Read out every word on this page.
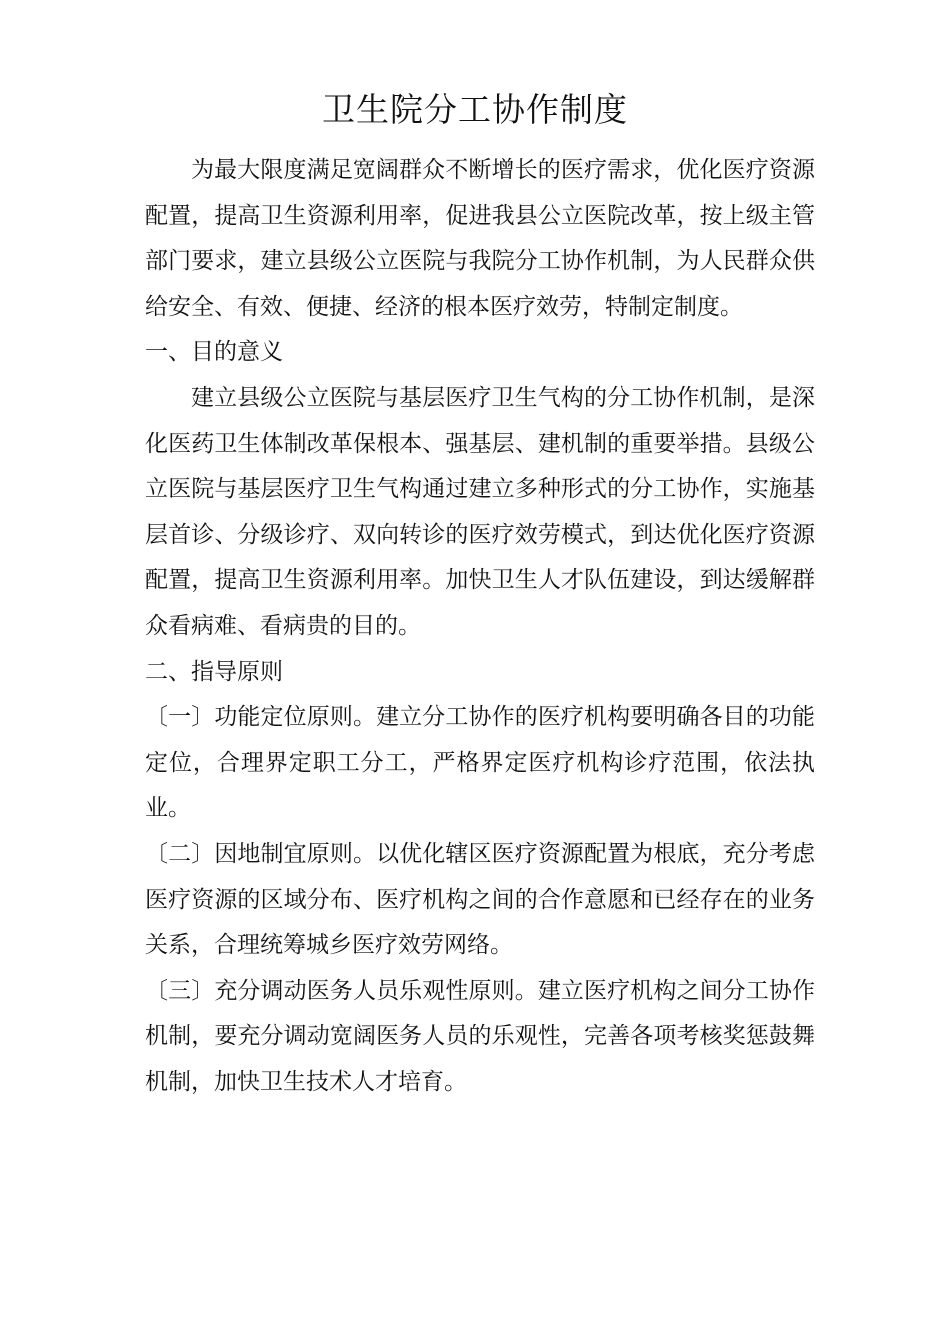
卫生院分工协作制度

为最大限度满足宽阔群众不断增长的医疗需求，优化医疗资源配置，提高卫生资源利用率，促进我县公立医院改革，按上级主管部门要求，建立县级公立医院与我院分工协作机制，为人民群众供给安全、有效、便捷、经济的根本医疗效劳，特制定制度。

一、目的意义

建立县级公立医院与基层医疗卫生气构的分工协作机制，是深化医药卫生体制改革保根本、强基层、建机制的重要举措。县级公立医院与基层医疗卫生气构通过建立多种形式的分工协作，实施基层首诊、分级诊疗、双向转诊的医疗效劳模式，到达优化医疗资源配置，提高卫生资源利用率。加快卫生人才队伍建设，到达缓解群众看病难、看病贵的目的。

二、指导原则

〔一〕功能定位原则。建立分工协作的医疗机构要明确各目的功能定位，合理界定职工分工，严格界定医疗机构诊疗范围，依法执业。

〔二〕因地制宜原则。以优化辖区医疗资源配置为根底，充分考虑医疗资源的区域分布、医疗机构之间的合作意愿和已经存在的业务关系，合理统筹城乡医疗效劳网络。

〔三〕充分调动医务人员乐观性原则。建立医疗机构之间分工协作机制，要充分调动宽阔医务人员的乐观性，完善各项考核奖惩鼓舞机制，加快卫生技术人才培育。
